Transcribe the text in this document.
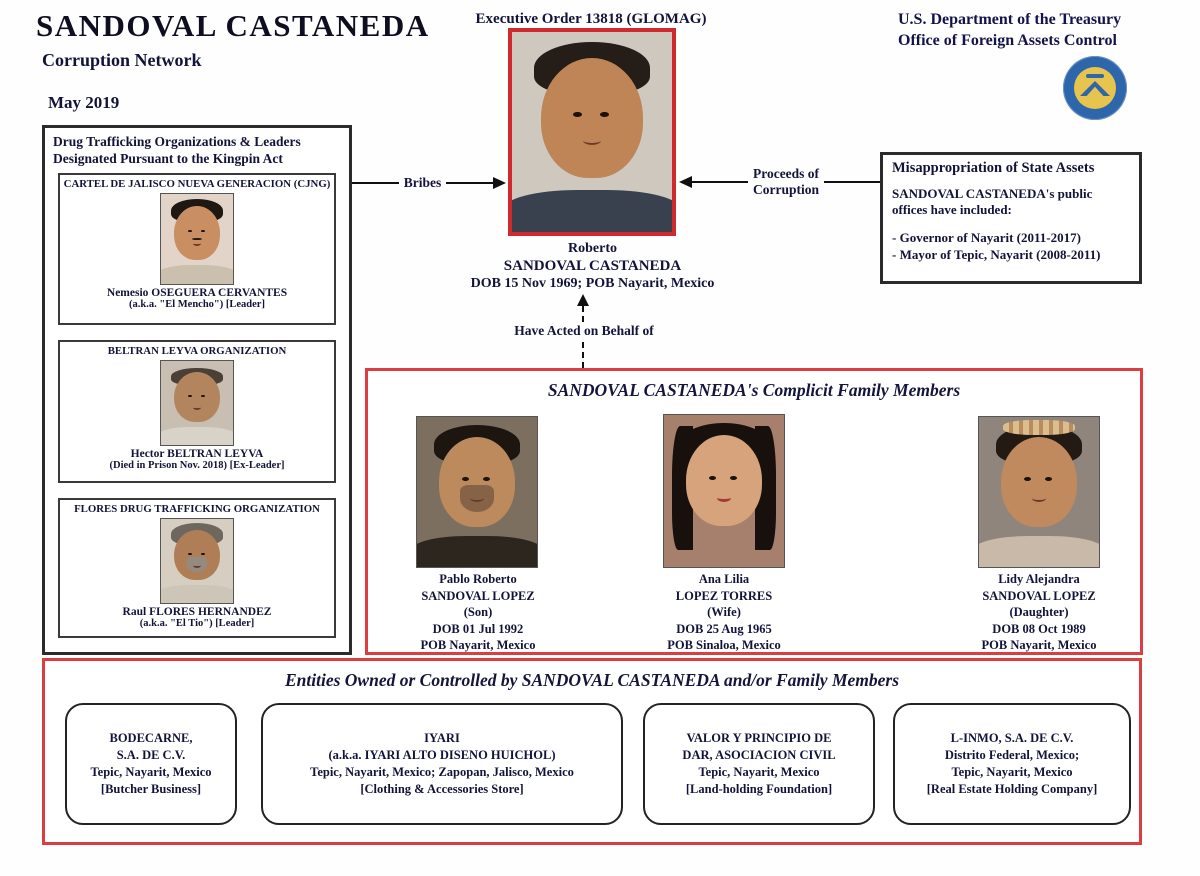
SANDOVAL CASTANEDA
Corruption Network
May 2019
Executive Order 13818 (GLOMAG)	U.S. Department of the Treasury
Office of Foreign Assets Control
Roberto
SANDOVAL CASTANEDA
DOB 15 Nov 1969; POB Nayarit, Mexico
Bribes
Proceeds of
Corruption
Have Acted on Behalf of
Drug Trafficking Organizations & Leaders
Designated Pursuant to the Kingpin Act
CARTEL DE JALISCO NUEVA GENERACION (CJNG)
Nemesio OSEGUERA CERVANTES
(a.k.a. "El Mencho") [Leader]
BELTRAN LEYVA ORGANIZATION
Hector BELTRAN LEYVA
(Died in Prison Nov. 2018) [Ex-Leader]
FLORES DRUG TRAFFICKING ORGANIZATION
Raul FLORES HERNANDEZ
(a.k.a. "El Tio") [Leader]
Misappropriation of State Assets
SANDOVAL CASTANEDA's public
offices have included:
- Governor of Nayarit (2011-2017)
- Mayor of Tepic, Nayarit (2008-2011)
SANDOVAL CASTANEDA's Complicit Family Members
Pablo Roberto
SANDOVAL LOPEZ
(Son)
DOB 01 Jul 1992
POB Nayarit, Mexico
Ana Lilia
LOPEZ TORRES
(Wife)
DOB 25 Aug 1965
POB Sinaloa, Mexico
Lidy Alejandra
SANDOVAL LOPEZ
(Daughter)
DOB 08 Oct 1989
POB Nayarit, Mexico
Entities Owned or Controlled by SANDOVAL CASTANEDA and/or Family Members
BODECARNE,
S.A. DE C.V.
Tepic, Nayarit, Mexico
[Butcher Business]
IYARI
(a.k.a. IYARI ALTO DISENO HUICHOL)
Tepic, Nayarit, Mexico; Zapopan, Jalisco, Mexico
[Clothing & Accessories Store]
VALOR Y PRINCIPIO DE
DAR, ASOCIACION CIVIL
Tepic, Nayarit, Mexico
[Land-holding Foundation]
L-INMO, S.A. DE C.V.
Distrito Federal, Mexico;
Tepic, Nayarit, Mexico
[Real Estate Holding Company]
